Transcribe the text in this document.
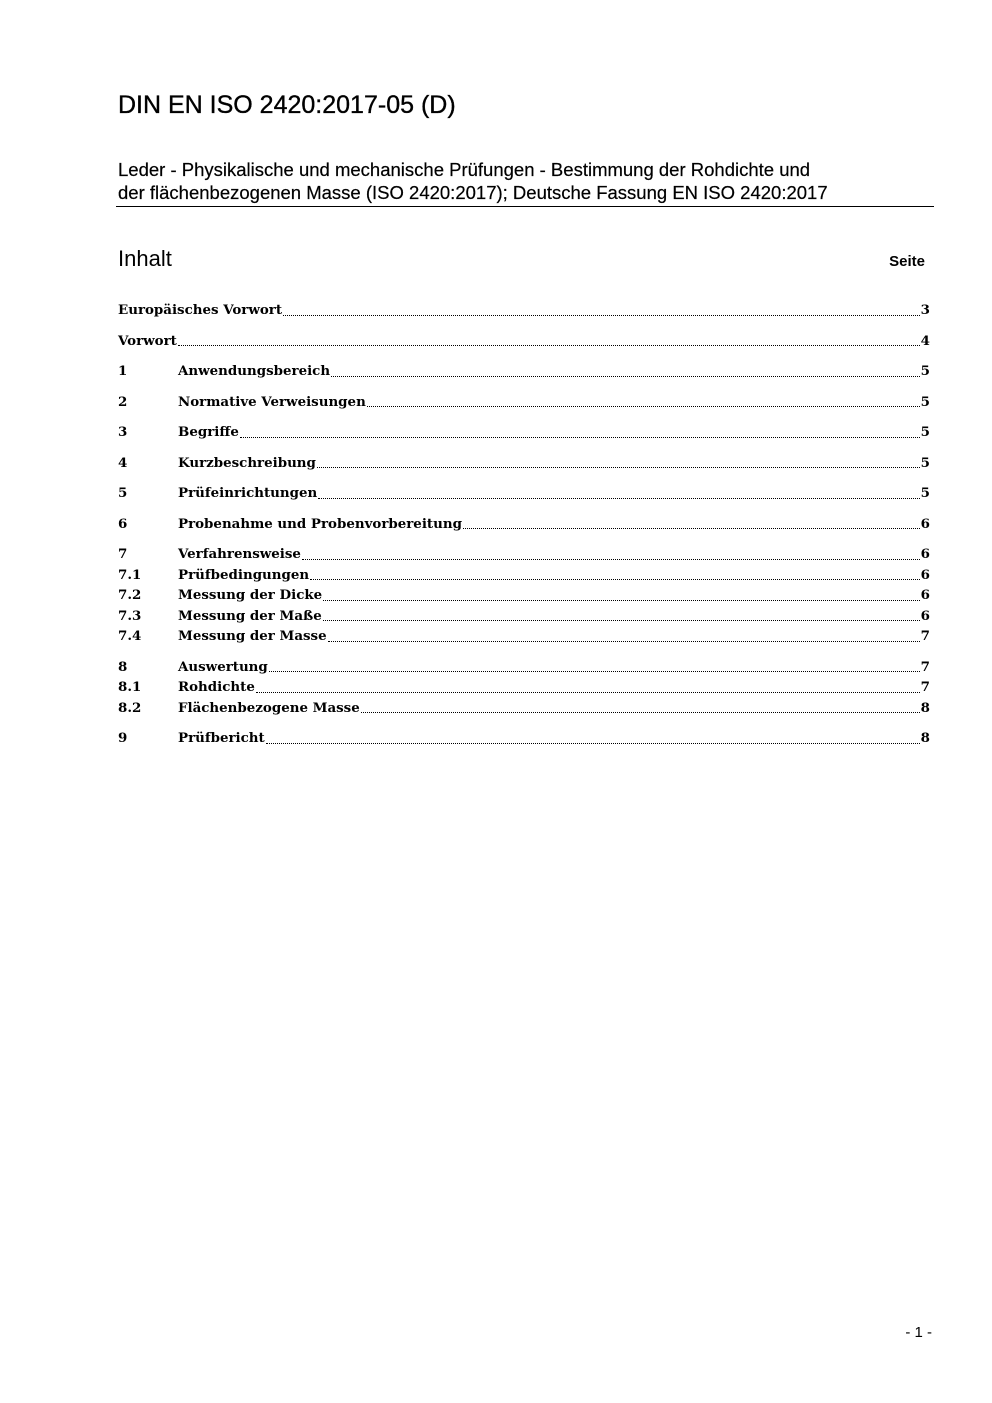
DIN EN ISO 2420:2017-05 (D)
Leder - Physikalische und mechanische Prüfungen - Bestimmung der Rohdichte und
der flächenbezogenen Masse (ISO 2420:2017); Deutsche Fassung EN ISO 2420:2017
Inhalt	Seite
Europäisches Vorwort	3
Vorwort	4
1	Anwendungsbereich	5
2	Normative Verweisungen	5
3	Begriffe	5
4	Kurzbeschreibung	5
5	Prüfeinrichtungen	5
6	Probenahme und Probenvorbereitung	6
7	Verfahrensweise	6
7.1	Prüfbedingungen	6
7.2	Messung der Dicke	6
7.3	Messung der Maße	6
7.4	Messung der Masse	7
8	Auswertung	7
8.1	Rohdichte	7
8.2	Flächenbezogene Masse	8
9	Prüfbericht	8
- 1 -
